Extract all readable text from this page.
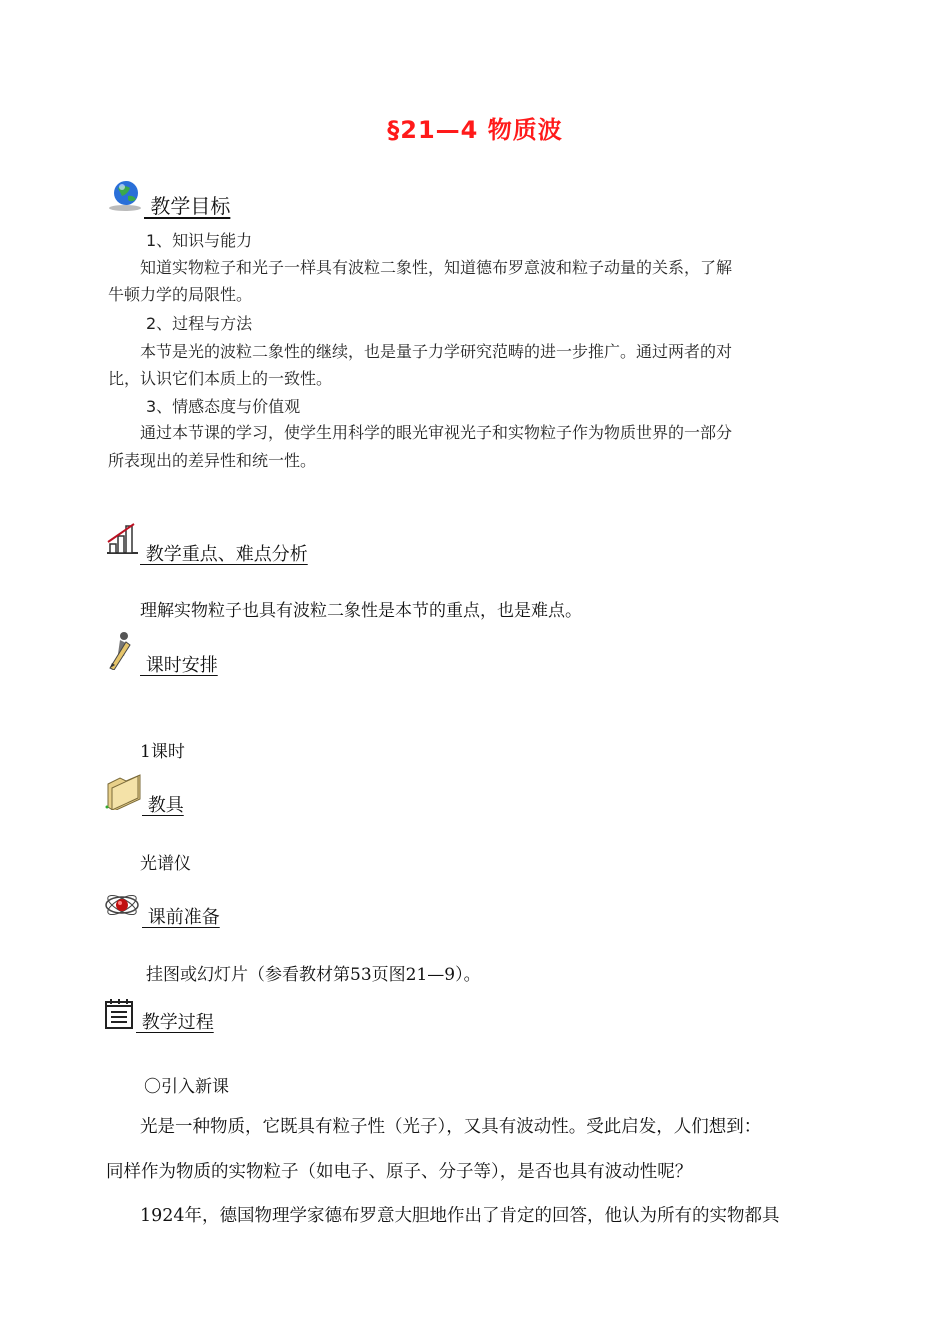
§21—4 物质波
教学目标
1、知识与能力
知道实物粒子和光子一样具有波粒二象性，知道德布罗意波和粒子动量的关系，了解
牛顿力学的局限性。
2、过程与方法
本节是光的波粒二象性的继续，也是量子力学研究范畴的进一步推广。通过两者的对
比，认识它们本质上的一致性。
3、情感态度与价值观
通过本节课的学习，使学生用科学的眼光审视光子和实物粒子作为物质世界的一部分
所表现出的差异性和统一性。
教学重点、难点分析
理解实物粒子也具有波粒二象性是本节的重点，也是难点。
课时安排
1课时
教具
光谱仪
课前准备
挂图或幻灯片（参看教材第53页图21—9）。
教学过程
〇引入新课
光是一种物质，它既具有粒子性（光子），又具有波动性。受此启发，人们想到：
同样作为物质的实物粒子（如电子、原子、分子等），是否也具有波动性呢？
1924年，德国物理学家德布罗意大胆地作出了肯定的回答，他认为所有的实物都具
